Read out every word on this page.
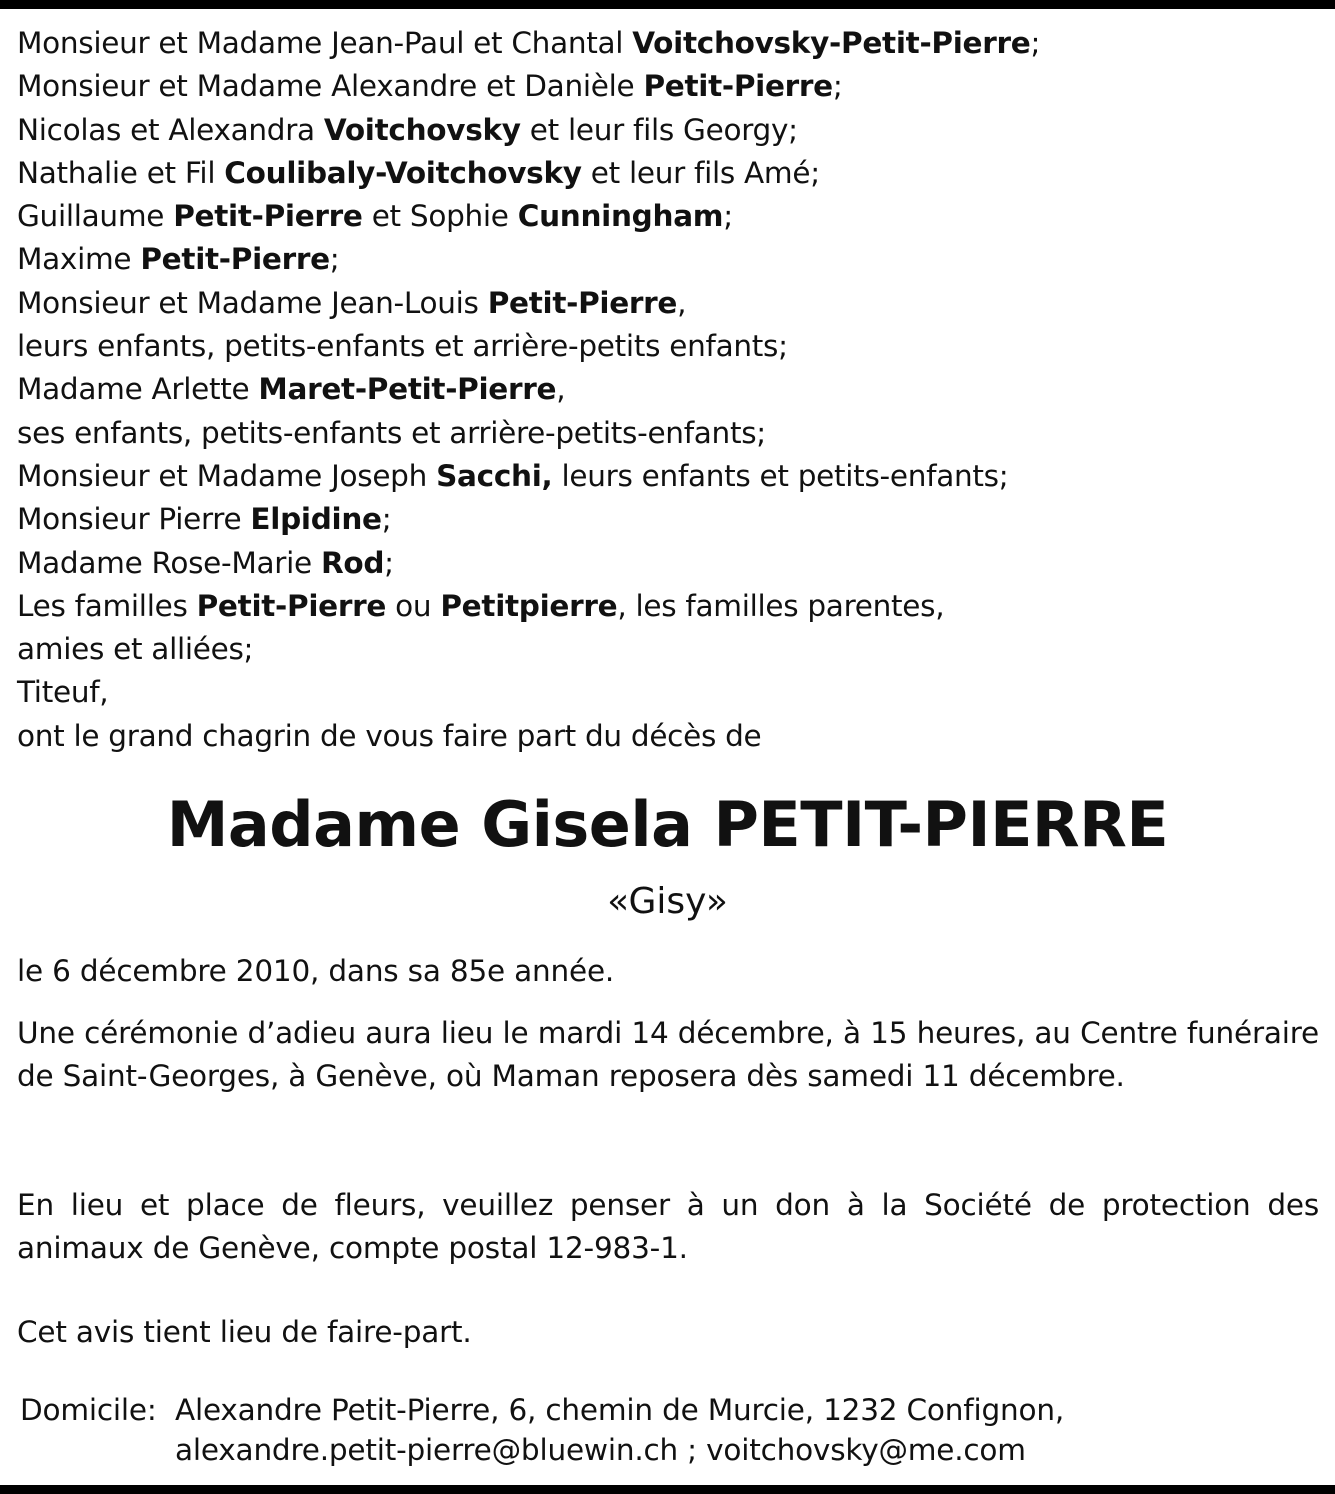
Monsieur et Madame Jean-Paul et Chantal Voitchovsky-Petit-Pierre;
Monsieur et Madame Alexandre et Danièle Petit-Pierre;
Nicolas et Alexandra Voitchovsky et leur fils Georgy;
Nathalie et Fil Coulibaly-Voitchovsky et leur fils Amé;
Guillaume Petit-Pierre et Sophie Cunningham;
Maxime Petit-Pierre;
Monsieur et Madame Jean-Louis Petit-Pierre,
leurs enfants, petits-enfants et arrière-petits enfants;
Madame Arlette Maret-Petit-Pierre,
ses enfants, petits-enfants et arrière-petits-enfants;
Monsieur et Madame Joseph Sacchi, leurs enfants et petits-enfants;
Monsieur Pierre Elpidine;
Madame Rose-Marie Rod;
Les familles Petit-Pierre ou Petitpierre, les familles parentes,
amies et alliées;
Titeuf,
ont le grand chagrin de vous faire part du décès de
Madame Gisela PETIT-PIERRE
«Gisy»
le 6 décembre 2010, dans sa 85e année.
Une cérémonie d’adieu aura lieu le mardi 14 décembre, à 15 heures, au Centre funéraire de Saint-Georges, à Genève, où Maman reposera dès samedi 11 décembre.
En lieu et place de fleurs, veuillez penser à un don à la Société de protection des animaux de Genève, compte postal 12-983-1.
Cet avis tient lieu de faire-part.
Domicile: Alexandre Petit-Pierre, 6, chemin de Murcie, 1232 Confignon,
alexandre.petit-pierre@bluewin.ch ; voitchovsky@me.com
